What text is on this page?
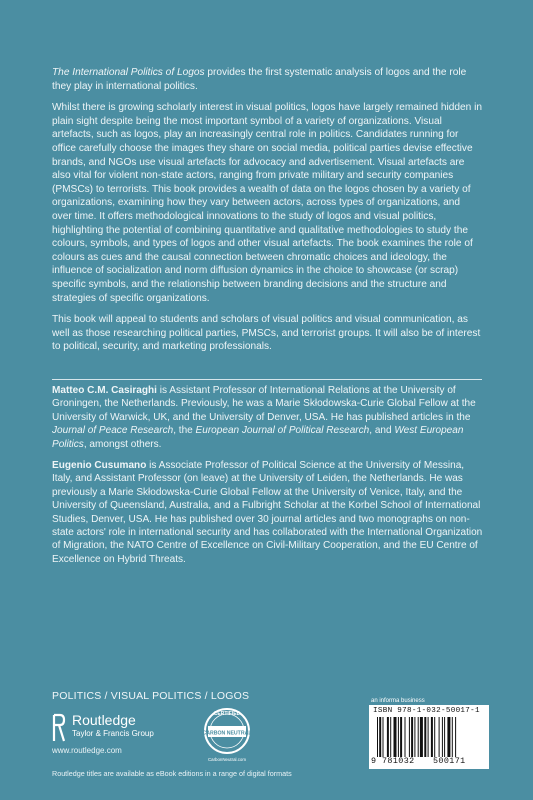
The International Politics of Logos provides the first systematic analysis of logos and the role they play in international politics.

Whilst there is growing scholarly interest in visual politics, logos have largely remained hidden in plain sight despite being the most important symbol of a variety of organizations. Visual artefacts, such as logos, play an increasingly central role in politics. Candidates running for office carefully choose the images they share on social media, political parties devise effective brands, and NGOs use visual artefacts for advocacy and advertisement. Visual artefacts are also vital for violent non-state actors, ranging from private military and security companies (PMSCs) to terrorists. This book provides a wealth of data on the logos chosen by a variety of organizations, examining how they vary between actors, across types of organizations, and over time. It offers methodological innovations to the study of logos and visual politics, highlighting the potential of combining quantitative and qualitative methodologies to study the colours, symbols, and types of logos and other visual artefacts. The book examines the role of colours as cues and the causal connection between chromatic choices and ideology, the influence of socialization and norm diffusion dynamics in the choice to showcase (or scrap) specific symbols, and the relationship between branding decisions and the structure and strategies of specific organizations.

This book will appeal to students and scholars of visual politics and visual communication, as well as those researching political parties, PMSCs, and terrorist groups. It will also be of interest to political, security, and marketing professionals.

Matteo C.M. Casiraghi is Assistant Professor of International Relations at the University of Groningen, the Netherlands. Previously, he was a Marie Skłodowska-Curie Global Fellow at the University of Warwick, UK, and the University of Denver, USA. He has published articles in the Journal of Peace Research, the European Journal of Political Research, and West European Politics, amongst others.

Eugenio Cusumano is Associate Professor of Political Science at the University of Messina, Italy, and Assistant Professor (on leave) at the University of Leiden, the Netherlands. He was previously a Marie Skłodowska-Curie Global Fellow at the University of Venice, Italy, and the University of Queensland, Australia, and a Fulbright Scholar at the Korbel School of International Studies, Denver, USA. He has published over 30 journal articles and two monographs on non-state actors' role in international security and has collaborated with the International Organization of Migration, the NATO Centre of Excellence on Civil-Military Cooperation, and the EU Centre of Excellence on Hybrid Threats.

POLITICS / VISUAL POLITICS / LOGOS
Routledge
Taylor & Francis Group
www.routledge.com
CERTIFIED
CARBON NEUTRAL
CarbonNeutral.com
an informa business
ISBN 978-1-032-50017-1
9 781032 500171
Routledge titles are available as eBook editions in a range of digital formats
